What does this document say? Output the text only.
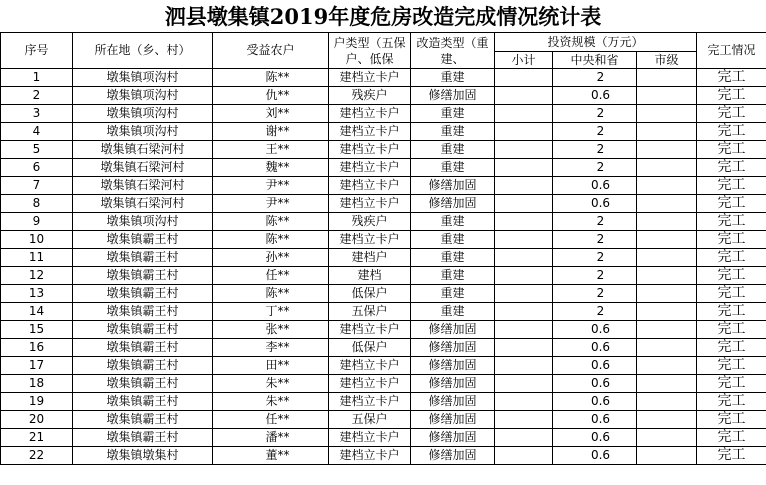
泗县墩集镇2019年度危房改造完成情况统计表
序号	所在地（乡、村）	受益农户	户类型（五保户、低保	改造类型（重建、	投资规模（万元）			完工情况
					小计	中央和省	市级	
1	墩集镇项沟村	陈**	建档立卡户	重建		2		完工
2	墩集镇项沟村	仇**	残疾户	修缮加固		0.6		完工
3	墩集镇项沟村	刘**	建档立卡户	重建		2		完工
4	墩集镇项沟村	谢**	建档立卡户	重建		2		完工
5	墩集镇石梁河村	王**	建档立卡户	重建		2		完工
6	墩集镇石梁河村	魏**	建档立卡户	重建		2		完工
7	墩集镇石梁河村	尹**	建档立卡户	修缮加固		0.6		完工
8	墩集镇石梁河村	尹**	建档立卡户	修缮加固		0.6		完工
9	墩集镇项沟村	陈**	残疾户	重建		2		完工
10	墩集镇霸王村	陈**	建档立卡户	重建		2		完工
11	墩集镇霸王村	孙**	建档户	重建		2		完工
12	墩集镇霸王村	任**	建档	重建		2		完工
13	墩集镇霸王村	陈**	低保户	重建		2		完工
14	墩集镇霸王村	丁**	五保户	重建		2		完工
15	墩集镇霸王村	张**	建档立卡户	修缮加固		0.6		完工
16	墩集镇霸王村	李**	低保户	修缮加固		0.6		完工
17	墩集镇霸王村	田**	建档立卡户	修缮加固		0.6		完工
18	墩集镇霸王村	朱**	建档立卡户	修缮加固		0.6		完工
19	墩集镇霸王村	朱**	建档立卡户	修缮加固		0.6		完工
20	墩集镇霸王村	任**	五保户	修缮加固		0.6		完工
21	墩集镇霸王村	潘**	建档立卡户	修缮加固		0.6		完工
22	墩集镇墩集村	董**	建档立卡户	修缮加固		0.6		完工
